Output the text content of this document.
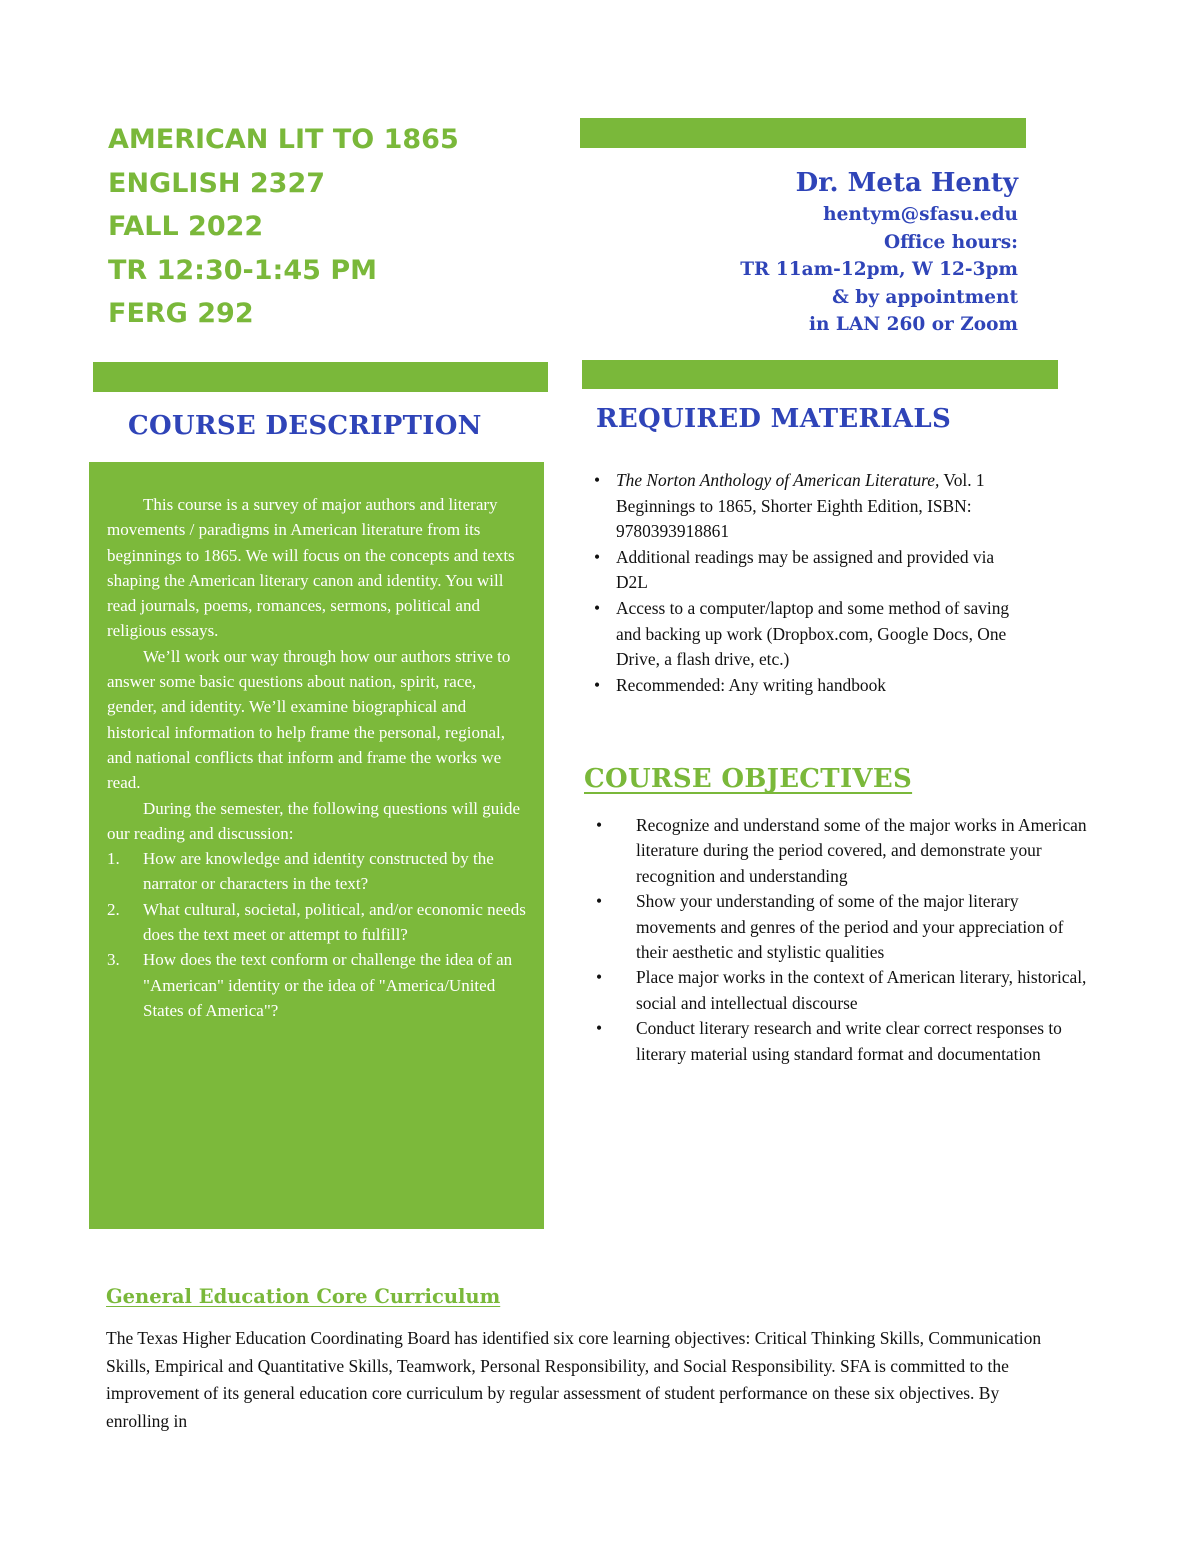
AMERICAN LIT TO 1865
ENGLISH 2327
FALL 2022
TR 12:30-1:45 PM
FERG 292
Dr. Meta Henty
hentym@sfasu.edu
Office hours:
TR 11am-12pm, W 12-3pm
& by appointment
in LAN 260 or Zoom
COURSE DESCRIPTION	REQUIRED MATERIALS

This course is a survey of major authors and literary movements / paradigms in American literature from its beginnings to 1865. We will focus on the concepts and texts shaping the American literary canon and identity. You will read journals, poems, romances, sermons, political and religious essays.

We’ll work our way through how our authors strive to answer some basic questions about nation, spirit, race, gender, and identity. We’ll examine biographical and historical information to help frame the personal, regional, and national conflicts that inform and frame the works we read.

During the semester, the following questions will guide our reading and discussion:

1. How are knowledge and identity constructed by the narrator or characters in the text?
2. What cultural, societal, political, and/or economic needs does the text meet or attempt to fulfill?
3. How does the text conform or challenge the idea of an "American" identity or the idea of "America/United States of America"?
• The Norton Anthology of American Literature, Vol. 1 Beginnings to 1865, Shorter Eighth Edition, ISBN: 9780393918861
• Additional readings may be assigned and provided via D2L
• Access to a computer/laptop and some method of saving and backing up work (Dropbox.com, Google Docs, One Drive, a flash drive, etc.)
• Recommended: Any writing handbook
COURSE OBJECTIVES
• Recognize and understand some of the major works in American literature during the period covered, and demonstrate your recognition and understanding
• Show your understanding of some of the major literary movements and genres of the period and your appreciation of their aesthetic and stylistic qualities
• Place major works in the context of American literary, historical, social and intellectual discourse
• Conduct literary research and write clear correct responses to literary material using standard format and documentation
General Education Core Curriculum

The Texas Higher Education Coordinating Board has identified six core learning objectives: Critical Thinking Skills, Communication Skills, Empirical and Quantitative Skills, Teamwork, Personal Responsibility, and Social Responsibility. SFA is committed to the improvement of its general education core curriculum by regular assessment of student performance on these six objectives. By enrolling in
